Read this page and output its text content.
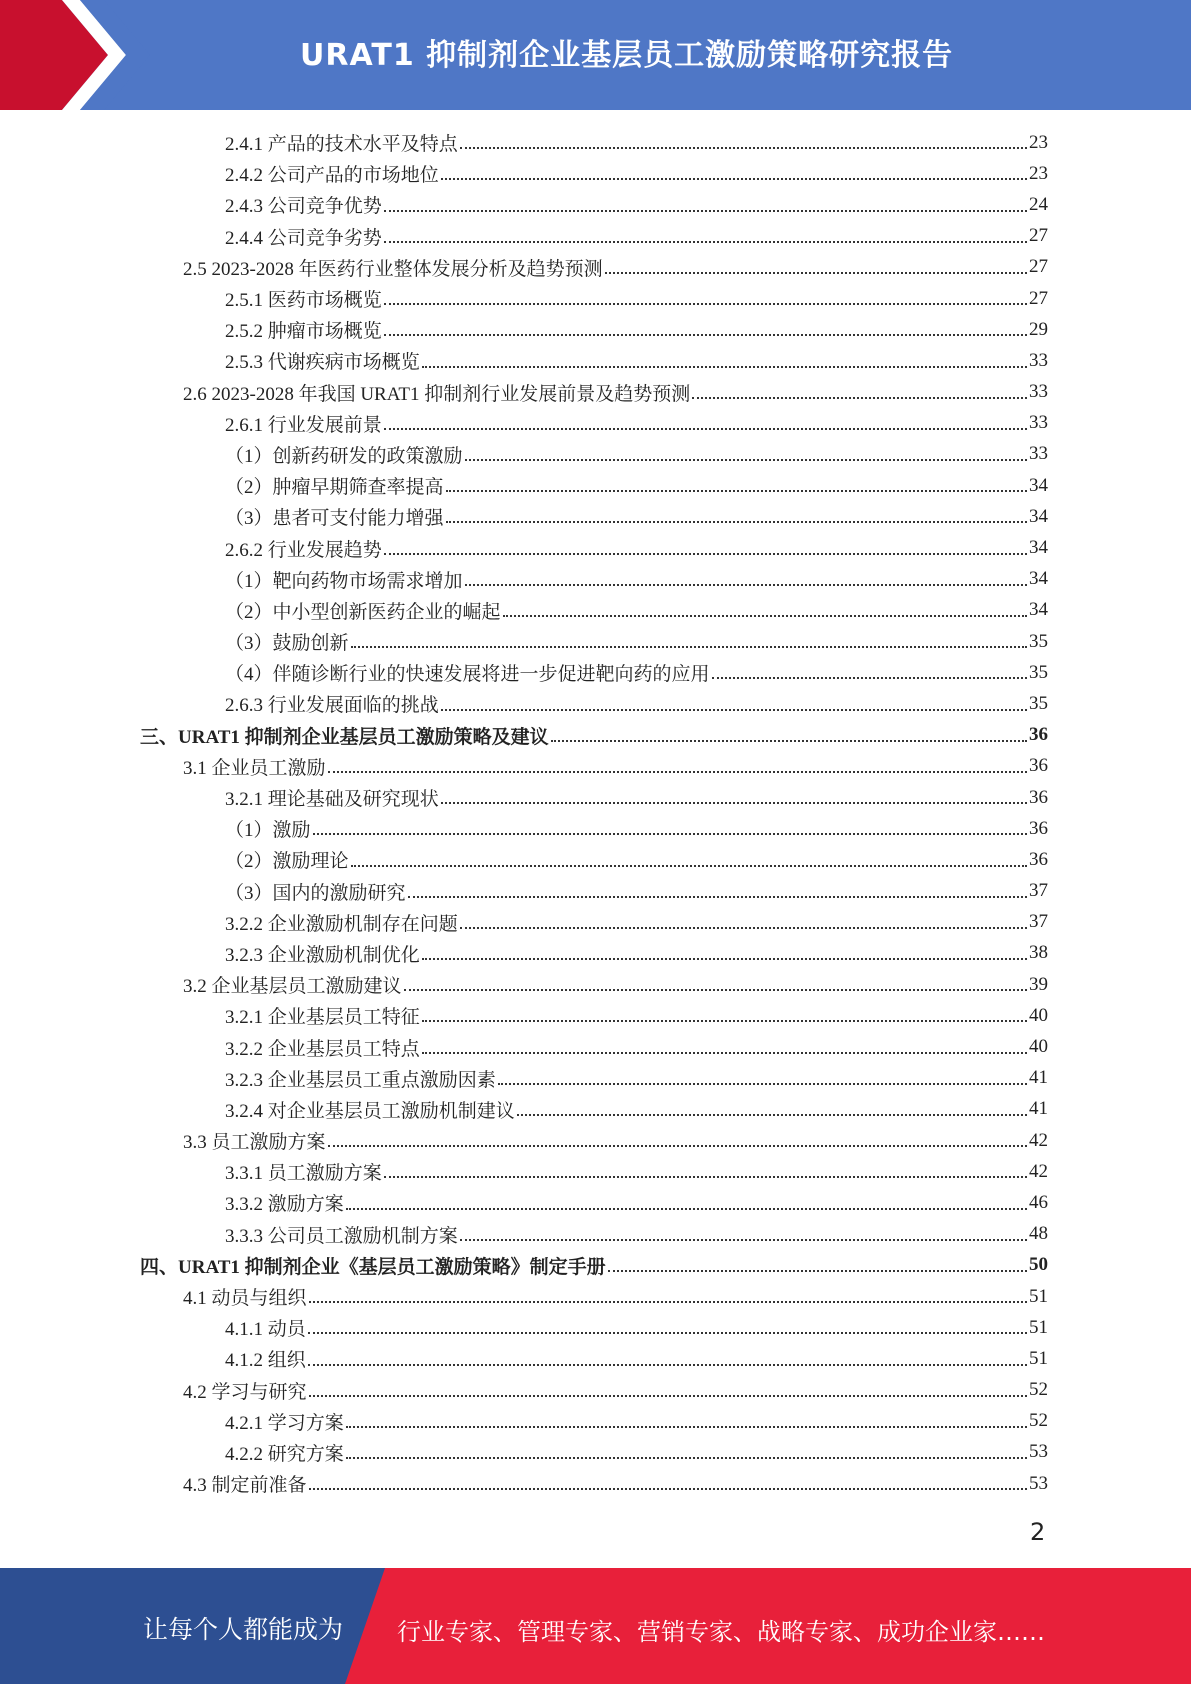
URAT1 抑制剂企业基层员工激励策略研究报告
2.4.1 产品的技术水平及特点	23
2.4.2 公司产品的市场地位	23
2.4.3 公司竞争优势	24
2.4.4 公司竞争劣势	27
2.5 2023-2028 年医药行业整体发展分析及趋势预测	27
2.5.1 医药市场概览	27
2.5.2 肿瘤市场概览	29
2.5.3 代谢疾病市场概览	33
2.6 2023-2028 年我国 URAT1 抑制剂行业发展前景及趋势预测	33
2.6.1 行业发展前景	33
（1）创新药研发的政策激励	33
（2）肿瘤早期筛查率提高	34
（3）患者可支付能力增强	34
2.6.2 行业发展趋势	34
（1）靶向药物市场需求增加	34
（2）中小型创新医药企业的崛起	34
（3）鼓励创新	35
（4）伴随诊断行业的快速发展将进一步促进靶向药的应用	35
2.6.3 行业发展面临的挑战	35
三、URAT1 抑制剂企业基层员工激励策略及建议	36
3.1 企业员工激励	36
3.2.1 理论基础及研究现状	36
（1）激励	36
（2）激励理论	36
（3）国内的激励研究	37
3.2.2 企业激励机制存在问题	37
3.2.3 企业激励机制优化	38
3.2 企业基层员工激励建议	39
3.2.1 企业基层员工特征	40
3.2.2 企业基层员工特点	40
3.2.3 企业基层员工重点激励因素	41
3.2.4 对企业基层员工激励机制建议	41
3.3 员工激励方案	42
3.3.1 员工激励方案	42
3.3.2 激励方案	46
3.3.3 公司员工激励机制方案	48
四、URAT1 抑制剂企业《基层员工激励策略》制定手册	50
4.1 动员与组织	51
4.1.1 动员	51
4.1.2 组织	51
4.2 学习与研究	52
4.2.1 学习方案	52
4.2.2 研究方案	53
4.3 制定前准备	53
2
让每个人都能成为 行业专家、管理专家、营销专家、战略专家、成功企业家……
